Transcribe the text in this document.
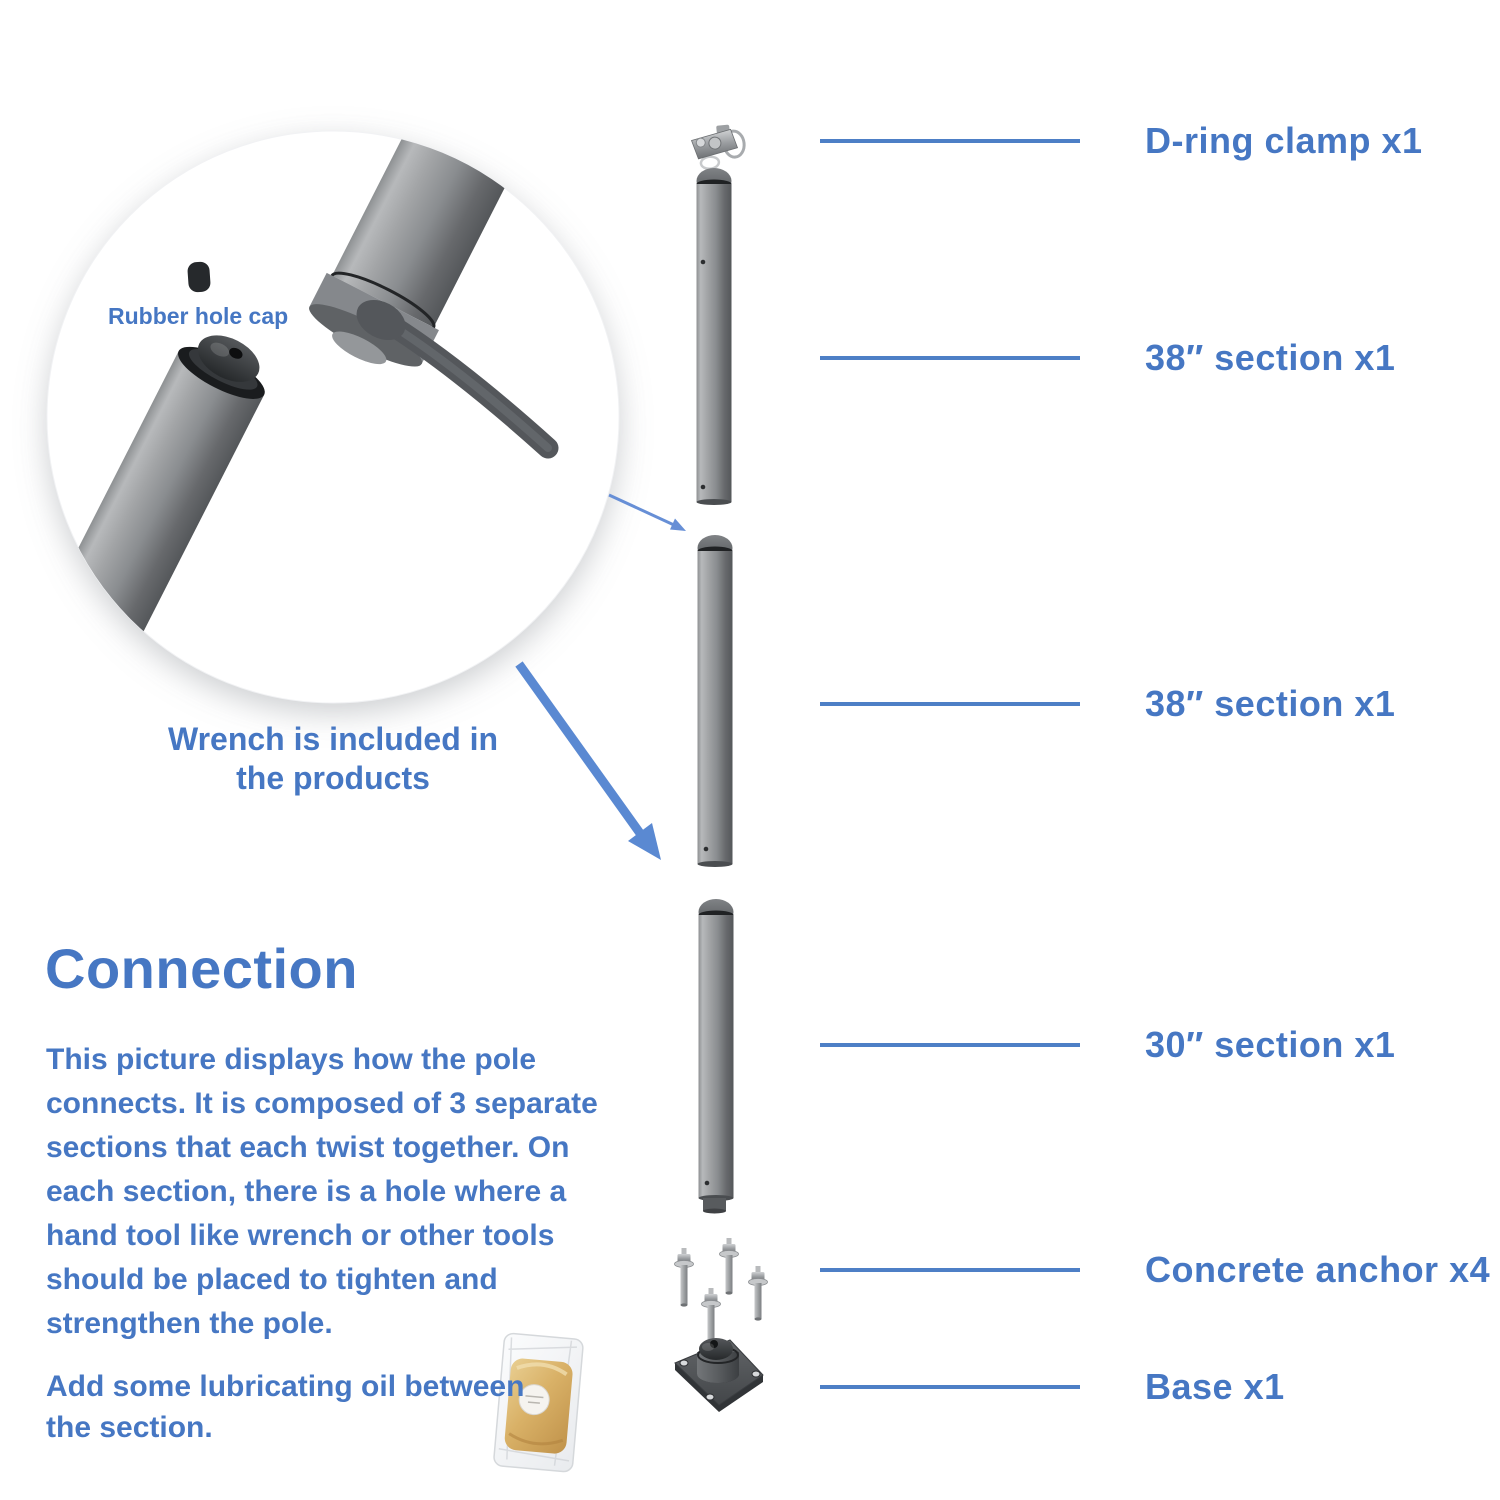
Rubber hole cap
Wrench is included in the products
Connection
This picture displays how the pole connects. It is composed of 3 separate sections that each twist together. On each section, there is a hole where a hand tool like wrench or other tools should be placed to tighten and strengthen the pole.
Add some lubricating oil between the section.
D-ring clamp x1
38″ section x1
38″ section x1
30″ section x1
Concrete anchor x4
Base x1
